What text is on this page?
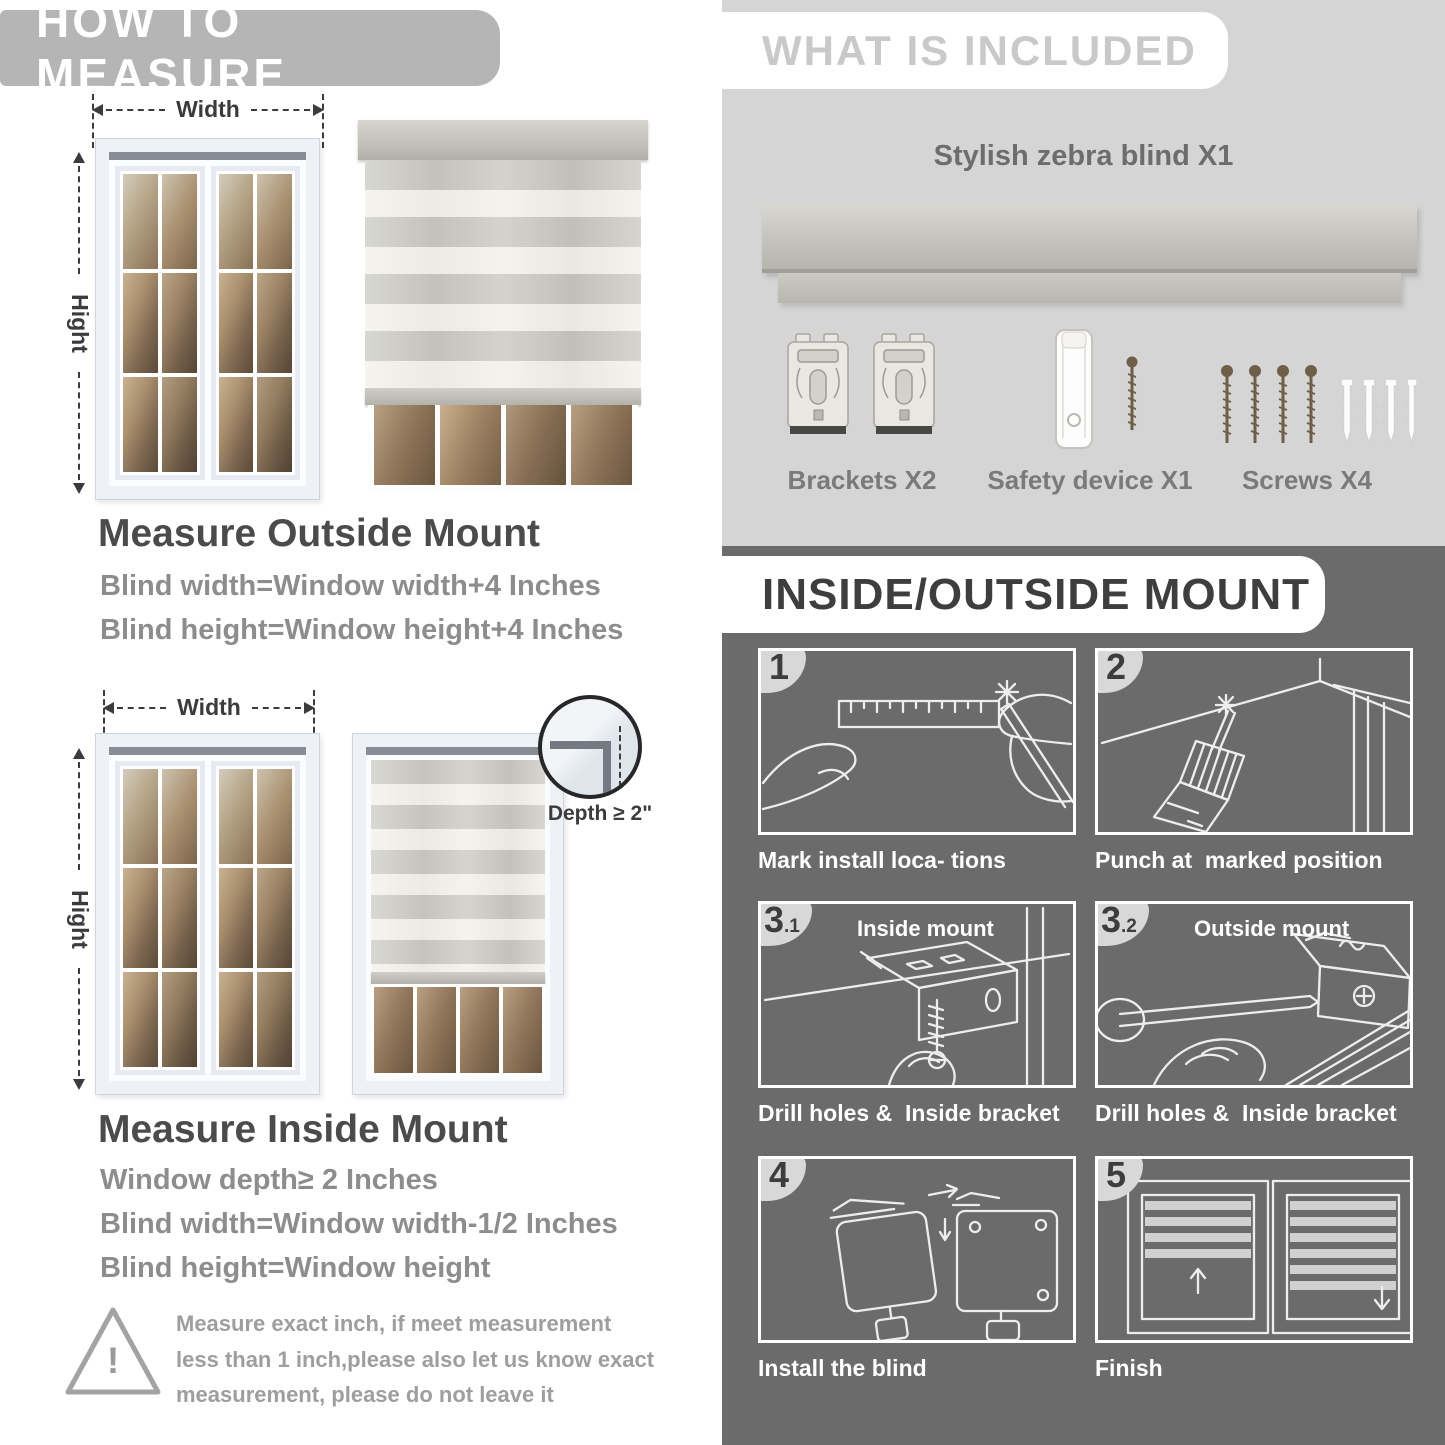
HOW TO MEASURE
Width
Hight
Measure Outside Mount
Blind width=Window width+4 Inches
Blind height=Window height+4 Inches
Width
Hight
Depth ≥ 2"
Measure Inside Mount
Window depth≥ 2 Inches
Blind width=Window width-1/2 Inches
Blind height=Window height
!
Measure exact inch, if meet measurement less than 1 inch,please also let us know exact measurement, please do not leave it
WHAT IS INCLUDED
Stylish zebra blind X1
Brackets X2	Safety device X1	Screws X4
INSIDE/OUTSIDE MOUNT
1
Mark install loca- tions
2
Punch at  marked position
3 .1	Inside mount
Drill holes &  Inside bracket
3 .2	Outside mount
Drill holes &  Inside bracket
4
Install the blind
5
Finish
